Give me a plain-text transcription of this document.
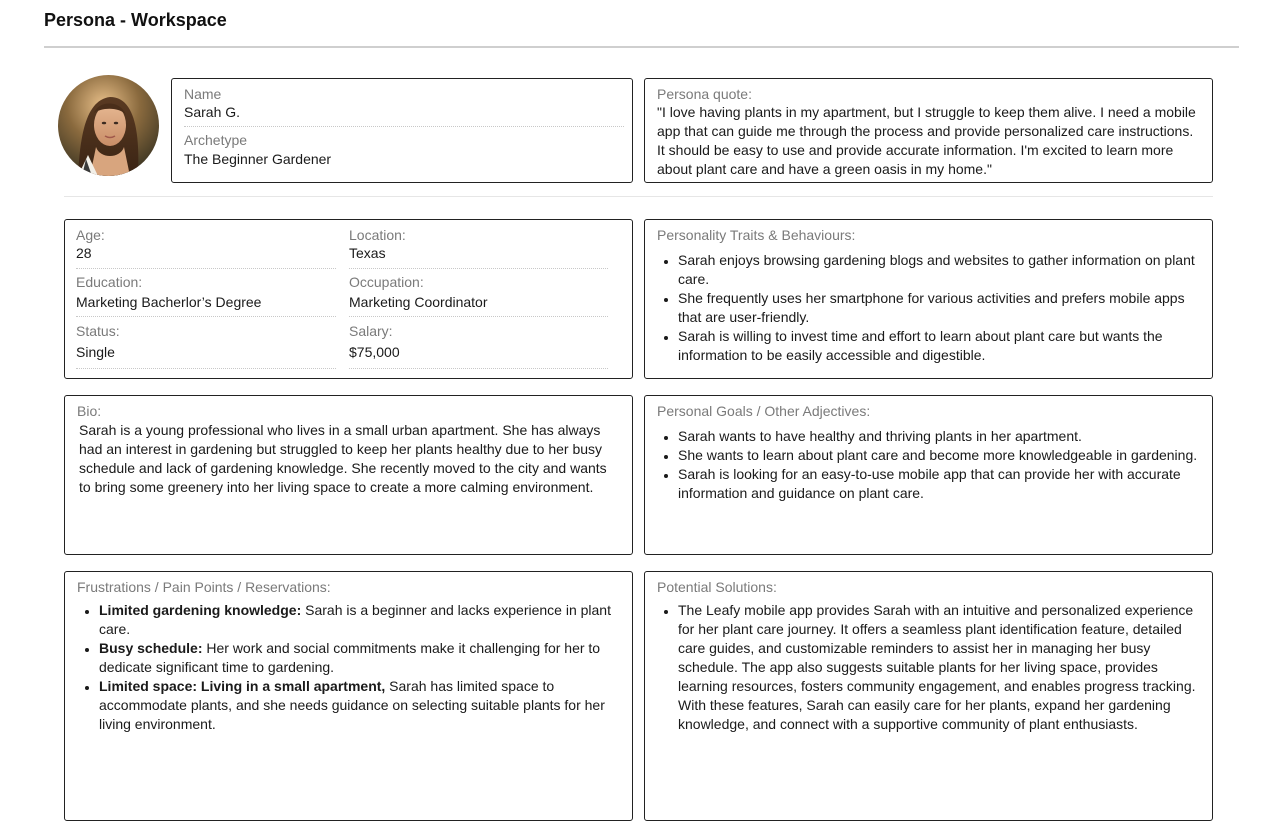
Persona - Workspace
Name
Sarah G.
Archetype
The Beginner Gardener
Persona quote:
"I love having plants in my apartment, but I struggle to keep them alive. I need a mobile app that can guide me through the process and provide personalized care instructions. It should be easy to use and provide accurate information. I'm excited to learn more about plant care and have a green oasis in my home."
Age:
28
Location:
Texas
Education:
Marketing Bacherlor’s Degree
Occupation:
Marketing Coordinator
Status:
Single
Salary:
$75,000
Personality Traits & Behaviours:
• Sarah enjoys browsing gardening blogs and websites to gather information on plant care.
• She frequently uses her smartphone for various activities and prefers mobile apps that are user-friendly.
• Sarah is willing to invest time and effort to learn about plant care but wants the information to be easily accessible and digestible.
Bio:
Sarah is a young professional who lives in a small urban apartment. She has always had an interest in gardening but struggled to keep her plants healthy due to her busy schedule and lack of gardening knowledge. She recently moved to the city and wants to bring some greenery into her living space to create a more calming environment.
Personal Goals / Other Adjectives:
• Sarah wants to have healthy and thriving plants in her apartment.
• She wants to learn about plant care and become more knowledgeable in gardening.
• Sarah is looking for an easy-to-use mobile app that can provide her with accurate information and guidance on plant care.
Frustrations / Pain Points / Reservations:
• Limited gardening knowledge: Sarah is a beginner and lacks experience in plant care.
• Busy schedule: Her work and social commitments make it challenging for her to dedicate significant time to gardening.
• Limited space: Living in a small apartment, Sarah has limited space to accommodate plants, and she needs guidance on selecting suitable plants for her living environment.
Potential Solutions:
• The Leafy mobile app provides Sarah with an intuitive and personalized experience for her plant care journey. It offers a seamless plant identification feature, detailed care guides, and customizable reminders to assist her in managing her busy schedule. The app also suggests suitable plants for her living space, provides learning resources, fosters community engagement, and enables progress tracking. With these features, Sarah can easily care for her plants, expand her gardening knowledge, and connect with a supportive community of plant enthusiasts.
